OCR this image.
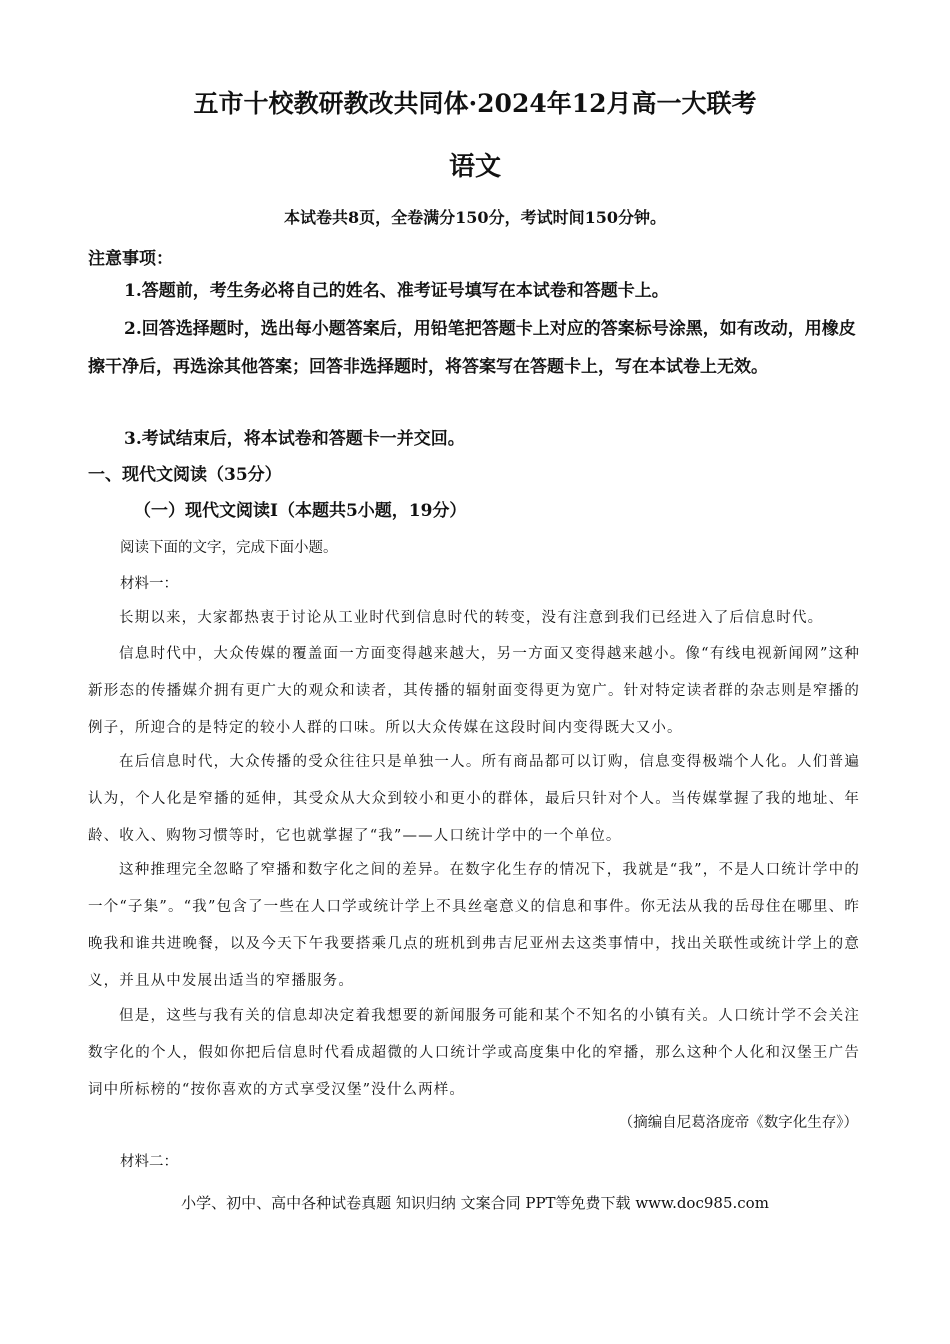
五市十校教研教改共同体·2024年12月高一大联考
语文
本试卷共8页，全卷满分150分，考试时间150分钟。
注意事项：
1.答题前，考生务必将自己的姓名、准考证号填写在本试卷和答题卡上。
2.回答选择题时，选出每小题答案后，用铅笔把答题卡上对应的答案标号涂黑，如有改动，用橡皮擦干净后，再选涂其他答案；回答非选择题时，将答案写在答题卡上，写在本试卷上无效。
3.考试结束后，将本试卷和答题卡一并交回。
一、现代文阅读（35分）
（一）现代文阅读Ⅰ（本题共5小题，19分）
阅读下面的文字，完成下面小题。
材料一：
长期以来，大家都热衷于讨论从工业时代到信息时代的转变，没有注意到我们已经进入了后信息时代。
信息时代中，大众传媒的覆盖面一方面变得越来越大，另一方面又变得越来越小。像“有线电视新闻网”这种新形态的传播媒介拥有更广大的观众和读者，其传播的辐射面变得更为宽广。针对特定读者群的杂志则是窄播的例子，所迎合的是特定的较小人群的口味。所以大众传媒在这段时间内变得既大又小。
在后信息时代，大众传播的受众往往只是单独一人。所有商品都可以订购，信息变得极端个人化。人们普遍认为，个人化是窄播的延伸，其受众从大众到较小和更小的群体，最后只针对个人。当传媒掌握了我的地址、年龄、收入、购物习惯等时，它也就掌握了“我”——人口统计学中的一个单位。
这种推理完全忽略了窄播和数字化之间的差异。在数字化生存的情况下，我就是“我”，不是人口统计学中的一个“子集”。“我”包含了一些在人口学或统计学上不具丝毫意义的信息和事件。你无法从我的岳母住在哪里、昨晚我和谁共进晚餐，以及今天下午我要搭乘几点的班机到弗吉尼亚州去这类事情中，找出关联性或统计学上的意义，并且从中发展出适当的窄播服务。
但是，这些与我有关的信息却决定着我想要的新闻服务可能和某个不知名的小镇有关。人口统计学不会关注数字化的个人，假如你把后信息时代看成超微的人口统计学或高度集中化的窄播，那么这种个人化和汉堡王广告词中所标榜的“按你喜欢的方式享受汉堡”没什么两样。
（摘编自尼葛洛庞帝《数字化生存》）
材料二：
小学、初中、高中各种试卷真题 知识归纳 文案合同 PPT等免费下载 www.doc985.com
